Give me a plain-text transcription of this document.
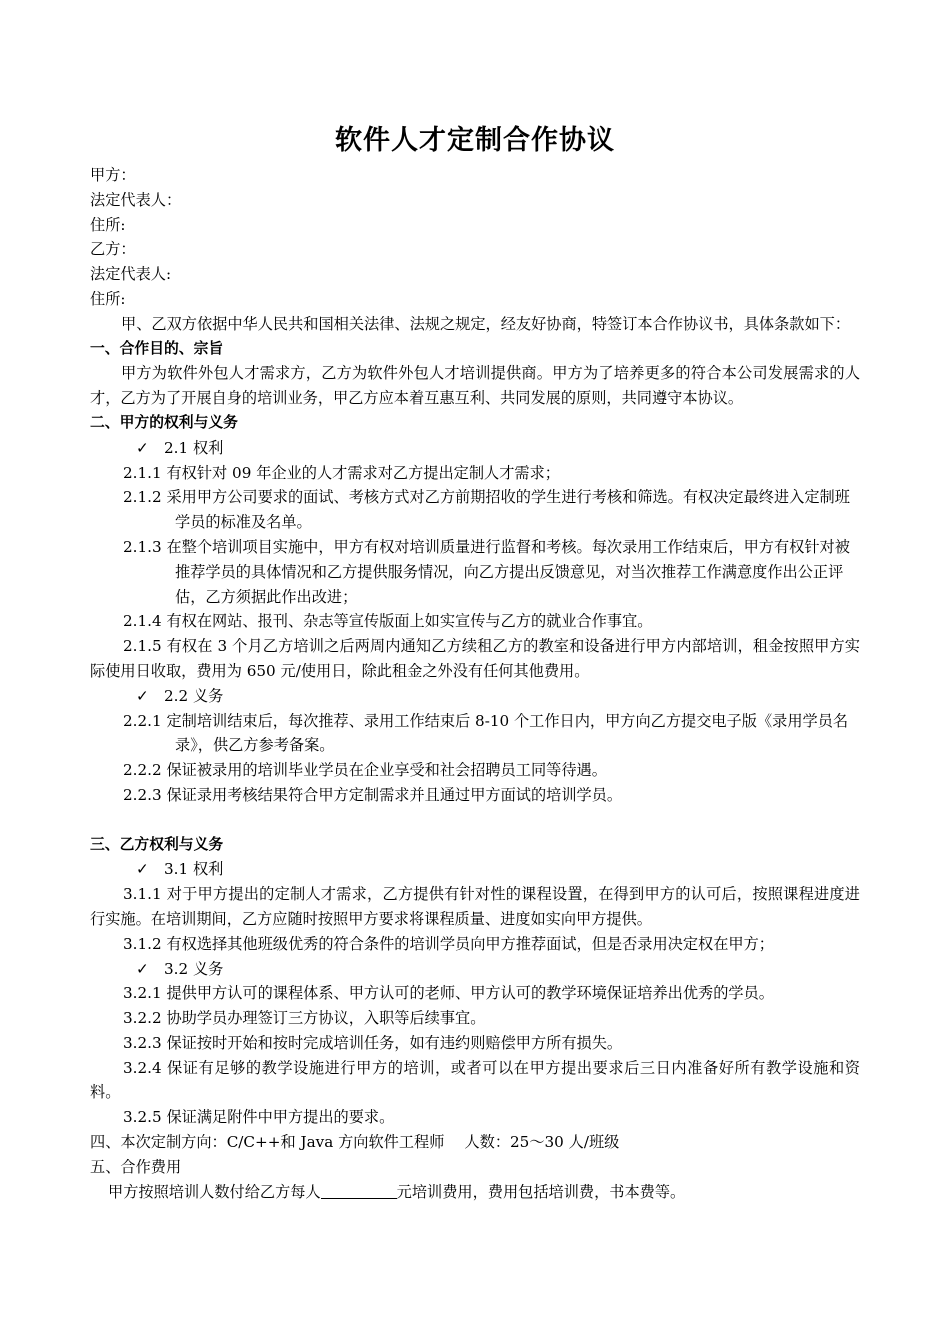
软件人才定制合作协议

甲方：

法定代表人：

住所:

乙方：

法定代表人:

住所:

甲、乙双方依据中华人民共和国相关法律、法规之规定，经友好协商，特签订本合作协议书，具体条款如下：

一、合作目的、宗旨

甲方为软件外包人才需求方，乙方为软件外包人才培训提供商。甲方为了培养更多的符合本公司发展需求的人才，乙方为了开展自身的培训业务，甲乙方应本着互惠互利、共同发展的原则，共同遵守本协议。

二、甲方的权利与义务

✓ 2.1 权利

2.1.1 有权针对 09 年企业的人才需求对乙方提出定制人才需求；

2.1.2 采用甲方公司要求的面试、考核方式对乙方前期招收的学生进行考核和筛选。有权决定最终进入定制班学员的标准及名单。

2.1.3 在整个培训项目实施中，甲方有权对培训质量进行监督和考核。每次录用工作结束后，甲方有权针对被推荐学员的具体情况和乙方提供服务情况，向乙方提出反馈意见，对当次推荐工作满意度作出公正评估，乙方须据此作出改进；

2.1.4 有权在网站、报刊、杂志等宣传版面上如实宣传与乙方的就业合作事宜。

2.1.5 有权在 3 个月乙方培训之后两周内通知乙方续租乙方的教室和设备进行甲方内部培训，租金按照甲方实际使用日收取，费用为 650 元/使用日，除此租金之外没有任何其他费用。

✓ 2.2 义务

2.2.1 定制培训结束后，每次推荐、录用工作结束后 8-10 个工作日内，甲方向乙方提交电子版《录用学员名录》，供乙方参考备案。

2.2.2 保证被录用的培训毕业学员在企业享受和社会招聘员工同等待遇。

2.2.3 保证录用考核结果符合甲方定制需求并且通过甲方面试的培训学员。

三、乙方权利与义务

✓ 3.1 权利

3.1.1 对于甲方提出的定制人才需求，乙方提供有针对性的课程设置，在得到甲方的认可后，按照课程进度进行实施。在培训期间，乙方应随时按照甲方要求将课程质量、进度如实向甲方提供。

3.1.2 有权选择其他班级优秀的符合条件的培训学员向甲方推荐面试，但是否录用决定权在甲方；

✓ 3.2 义务

3.2.1 提供甲方认可的课程体系、甲方认可的老师、甲方认可的教学环境保证培养出优秀的学员。

3.2.2 协助学员办理签订三方协议，入职等后续事宜。

3.2.3 保证按时开始和按时完成培训任务，如有违约则赔偿甲方所有损失。

3.2.4 保证有足够的教学设施进行甲方的培训，或者可以在甲方提出要求后三日内准备好所有教学设施和资料。

3.2.5 保证满足附件中甲方提出的要求。

四、本次定制方向：C/C++和 Java 方向软件工程师　 人数：25～30 人/班级

五、合作费用

甲方按照培训人数付给乙方每人	元培训费用，费用包括培训费，书本费等。
